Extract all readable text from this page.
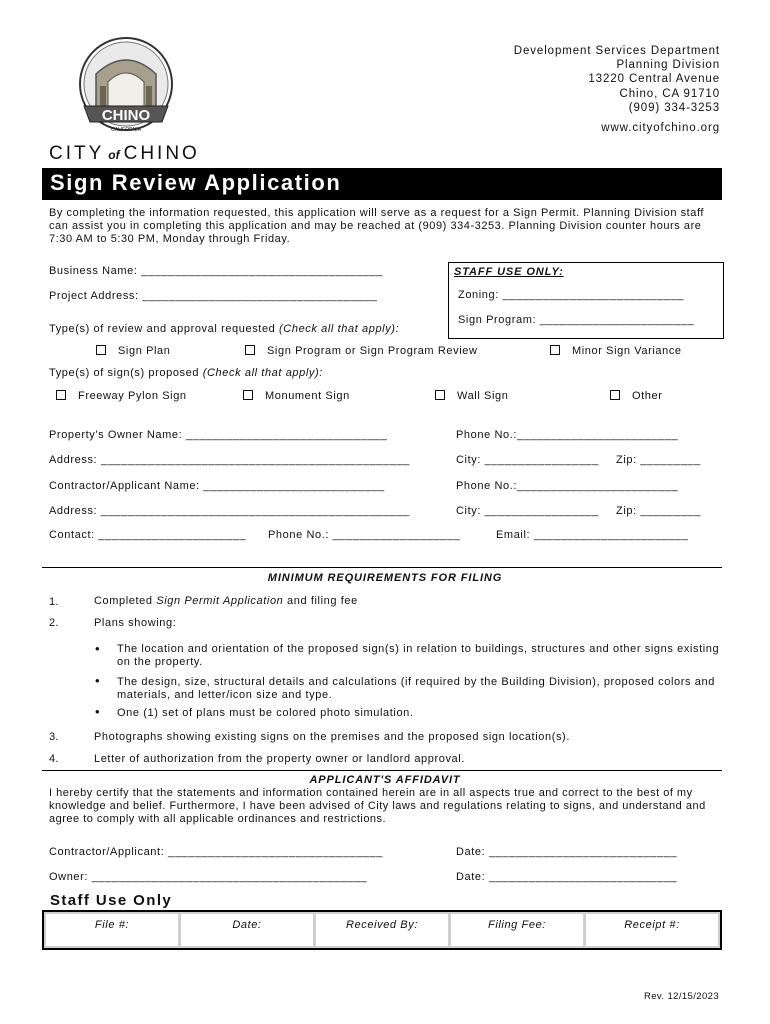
Development Services Department
Planning Division
13220 Central Avenue
Chino, CA 91710
(909) 334-3253
www.cityofchino.org
CHINO
CALIFORNIA
CITY of CHINO
Sign Review Application
By completing the information requested, this application will serve as a request for a Sign Permit. Planning Division staff can assist you in completing this application and may be reached at (909) 334-3253. Planning Division counter hours are 7:30 AM to 5:30 PM, Monday through Friday.
Business Name: ____________________________________
Project Address: ___________________________________
STAFF USE ONLY:
Zoning: ___________________________
Sign Program: _______________________
Type(s) of review and approval requested (Check all that apply):
Sign Plan	Sign Program or Sign Program Review	Minor Sign Variance
Type(s) of sign(s) proposed (Check all that apply):
Freeway Pylon Sign	Monument Sign	Wall Sign	Other
Property's Owner Name: ______________________________	Phone No.:________________________
Address: ______________________________________________	City: _________________ Zip: _________
Contractor/Applicant Name: ___________________________	Phone No.:________________________
Address: ______________________________________________	City: _________________ Zip: _________
Contact: ______________________ Phone No.: ___________________	Email: _______________________
MINIMUM REQUIREMENTS FOR FILING
1.	Completed Sign Permit Application and filing fee
2.	Plans showing:
• The location and orientation of the proposed sign(s) in relation to buildings, structures and other signs existing on the property.
• The design, size, structural details and calculations (if required by the Building Division), proposed colors and materials, and letter/icon size and type.
• One (1) set of plans must be colored photo simulation.
3.	Photographs showing existing signs on the premises and the proposed sign location(s).
4.	Letter of authorization from the property owner or landlord approval.
APPLICANT'S AFFIDAVIT
I hereby certify that the statements and information contained herein are in all aspects true and correct to the best of my knowledge and belief. Furthermore, I have been advised of City laws and regulations relating to signs, and understand and agree to comply with all applicable ordinances and restrictions.
Contractor/Applicant: ________________________________	Date: ____________________________
Owner: _________________________________________	Date: ____________________________
Staff Use Only
File #:	Date:	Received By:	Filing Fee:	Receipt #:
Rev. 12/15/2023
